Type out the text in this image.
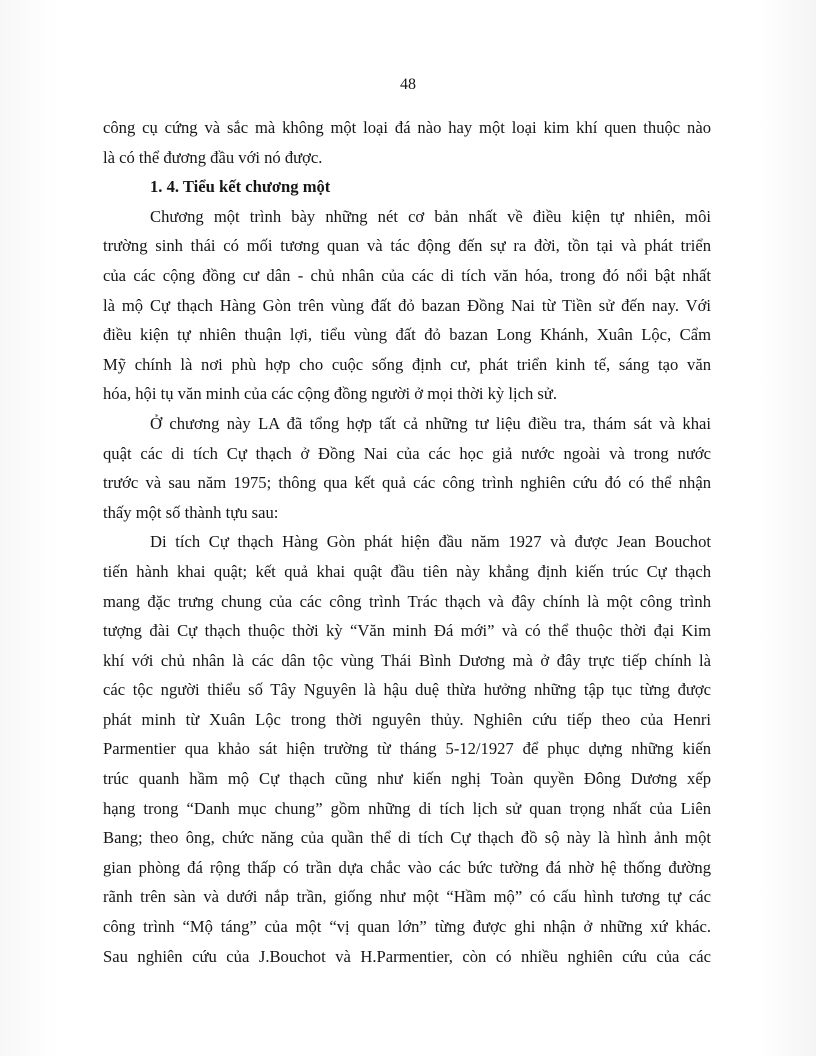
48
công cụ cứng và sắc mà không một loại đá nào hay một loại kim khí quen thuộc nào
là có thể đương đầu với nó được.
1. 4. Tiểu kết chương một
Chương một trình bày những nét cơ bản nhất về điều kiện tự nhiên, môi
trường sinh thái có mối tương quan và tác động đến sự ra đời, tồn tại và phát triển
của các cộng đồng cư dân - chủ nhân của các di tích văn hóa, trong đó nổi bật nhất
là mộ Cự thạch Hàng Gòn trên vùng đất đỏ bazan Đồng Nai từ Tiền sử đến nay. Với
điều kiện tự nhiên thuận lợi, tiểu vùng đất đỏ bazan Long Khánh, Xuân Lộc, Cẩm
Mỹ chính là nơi phù hợp cho cuộc sống định cư, phát triển kinh tế, sáng tạo văn
hóa, hội tụ văn minh của các cộng đồng người ở mọi thời kỳ lịch sử.
Ở chương này LA đã tổng hợp tất cả những tư liệu điều tra, thám sát và khai
quật các di tích Cự thạch ở Đồng Nai của các học giả nước ngoài và trong nước
trước và sau năm 1975; thông qua kết quả các công trình nghiên cứu đó có thể nhận
thấy một số thành tựu sau:
Di tích Cự thạch Hàng Gòn phát hiện đầu năm 1927 và được Jean Bouchot
tiến hành khai quật; kết quả khai quật đầu tiên này khẳng định kiến trúc Cự thạch
mang đặc trưng chung của các công trình Trác thạch và đây chính là một công trình
tượng đài Cự thạch thuộc thời kỳ “Văn minh Đá mới” và có thể thuộc thời đại Kim
khí với chủ nhân là các dân tộc vùng Thái Bình Dương mà ở đây trực tiếp chính là
các tộc người thiểu số Tây Nguyên là hậu duệ thừa hưởng những tập tục từng được
phát minh từ Xuân Lộc trong thời nguyên thủy. Nghiên cứu tiếp theo của Henri
Parmentier qua khảo sát hiện trường từ tháng 5-12/1927 để phục dựng những kiến
trúc quanh hầm mộ Cự thạch cũng như kiến nghị Toàn quyền Đông Dương xếp
hạng trong “Danh mục chung” gồm những di tích lịch sử quan trọng nhất của Liên
Bang; theo ông, chức năng của quần thể di tích Cự thạch đồ sộ này là hình ảnh một
gian phòng đá rộng thấp có trần dựa chắc vào các bức tường đá nhờ hệ thống đường
rãnh trên sàn và dưới nắp trần, giống như một “Hầm mộ” có cấu hình tương tự các
công trình “Mộ táng” của một “vị quan lớn” từng được ghi nhận ở những xứ khác.
Sau nghiên cứu của J.Bouchot và H.Parmentier, còn có nhiều nghiên cứu của các
